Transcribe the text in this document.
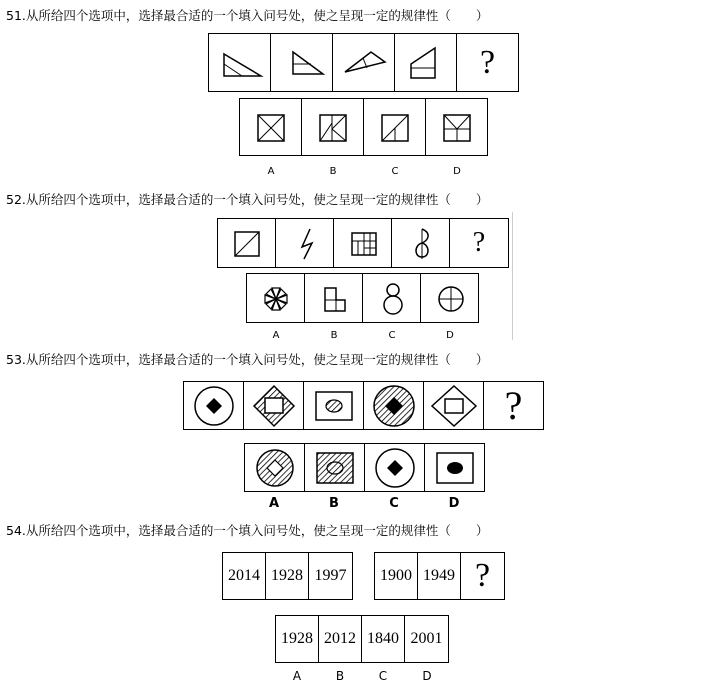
51.从所给四个选项中，选择最合适的一个填入问号处，使之呈现一定的规律性（　　）
?
A	B	C	D
52.从所给四个选项中，选择最合适的一个填入问号处，使之呈现一定的规律性（　　）
?
A	B	C	D
53.从所给四个选项中，选择最合适的一个填入问号处，使之呈现一定的规律性（　　）
?
A	B	C	D
54.从所给四个选项中，选择最合适的一个填入问号处，使之呈现一定的规律性（　　）
2014 1928 1997	1900 1949 ?
1928 2012 1840 2001
A	B	C	D
